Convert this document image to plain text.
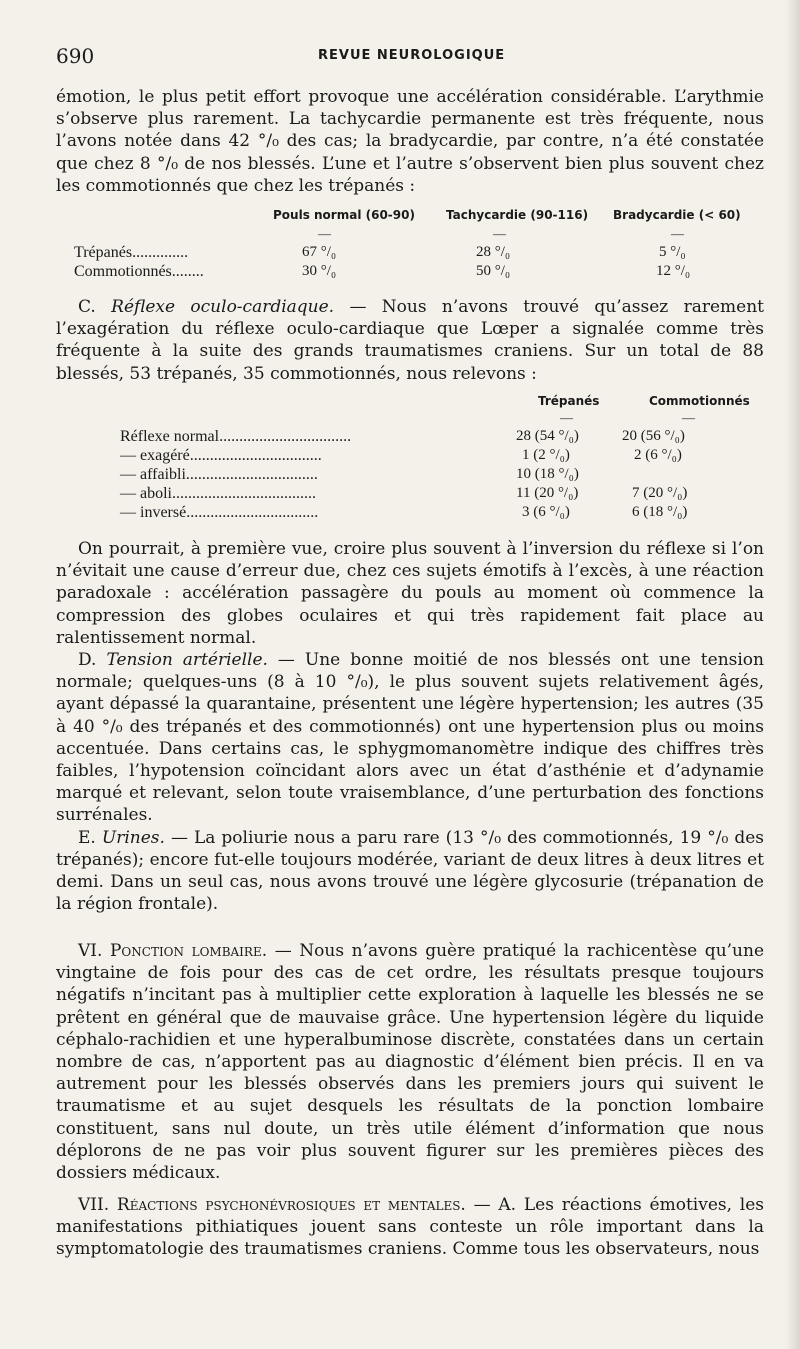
690	REVUE NEUROLOGIQUE

émotion, le plus petit effort provoque une accélération considérable. L’arythmie s’observe plus rarement. La tachycardie permanente est très fréquente, nous l’avons notée dans 42 °/₀ des cas; la bradycardie, par contre, n’a été constatée que chez 8 °/₀ de nos blessés. L’une et l’autre s’observent bien plus souvent chez les commotionnés que chez les trépanés :

Pouls normal (60-90)	Tachycardie (90-116) Bradycardie (< 60)
—	—	—
Trépanés..............	67 °/₀	28 °/₀	5 °/₀
Commotionnés........	30 °/₀	50 °/₀	12 °/₀

C. Réflexe oculo-cardiaque. — Nous n’avons trouvé qu’assez rarement l’exagération du réflexe oculo-cardiaque que Lœper a signalée comme très fréquente à la suite des grands traumatismes craniens. Sur un total de 88 blessés, 53 trépanés, 35 commotionnés, nous relevons :

Trépanés	Commotionnés
—	—
Réflexe normal.................................	28 (54 °/₀)	20 (56 °/₀)
— exagéré.................................	1 (2 °/₀)	2 (6 °/₀)
— affaibli.................................	10 (18 °/₀)
— aboli....................................	11 (20 °/₀)	7 (20 °/₀)
— inversé.................................	3 (6 °/₀)	6 (18 °/₀)

On pourrait, à première vue, croire plus souvent à l’inversion du réflexe si l’on n’évitait une cause d’erreur due, chez ces sujets émotifs à l’excès, à une réaction paradoxale : accélération passagère du pouls au moment où commence la compression des globes oculaires et qui très rapidement fait place au ralentissement normal.

D. Tension artérielle. — Une bonne moitié de nos blessés ont une tension normale; quelques-uns (8 à 10 °/₀), le plus souvent sujets relativement âgés, ayant dépassé la quarantaine, présentent une légère hypertension; les autres (35 à 40 °/₀ des trépanés et des commotionnés) ont une hypertension plus ou moins accentuée. Dans certains cas, le sphygmomanomètre indique des chiffres très faibles, l’hypotension coïncidant alors avec un état d’asthénie et d’adynamie marqué et relevant, selon toute vraisemblance, d’une perturbation des fonctions surrénales.

E. Urines. — La poliurie nous a paru rare (13 °/₀ des commotionnés, 19 °/₀ des trépanés); encore fut-elle toujours modérée, variant de deux litres à deux litres et demi. Dans un seul cas, nous avons trouvé une légère glycosurie (trépanation de la région frontale).

VI. Ponction lombaire. — Nous n’avons guère pratiqué la rachicentèse qu’une vingtaine de fois pour des cas de cet ordre, les résultats presque toujours négatifs n’incitant pas à multiplier cette exploration à laquelle les blessés ne se prêtent en général que de mauvaise grâce. Une hypertension légère du liquide céphalo-rachidien et une hyperalbuminose discrète, constatées dans un certain nombre de cas, n’apportent pas au diagnostic d’élément bien précis. Il en va autrement pour les blessés observés dans les premiers jours qui suivent le traumatisme et au sujet desquels les résultats de la ponction lombaire constituent, sans nul doute, un très utile élément d’information que nous déplorons de ne pas voir plus souvent figurer sur les premières pièces des dossiers médicaux.

VII. Réactions psychonévrosiques et mentales. — A. Les réactions émotives, les manifestations pithiatiques jouent sans conteste un rôle important dans la symptomatologie des traumatismes craniens. Comme tous les observateurs, nous
